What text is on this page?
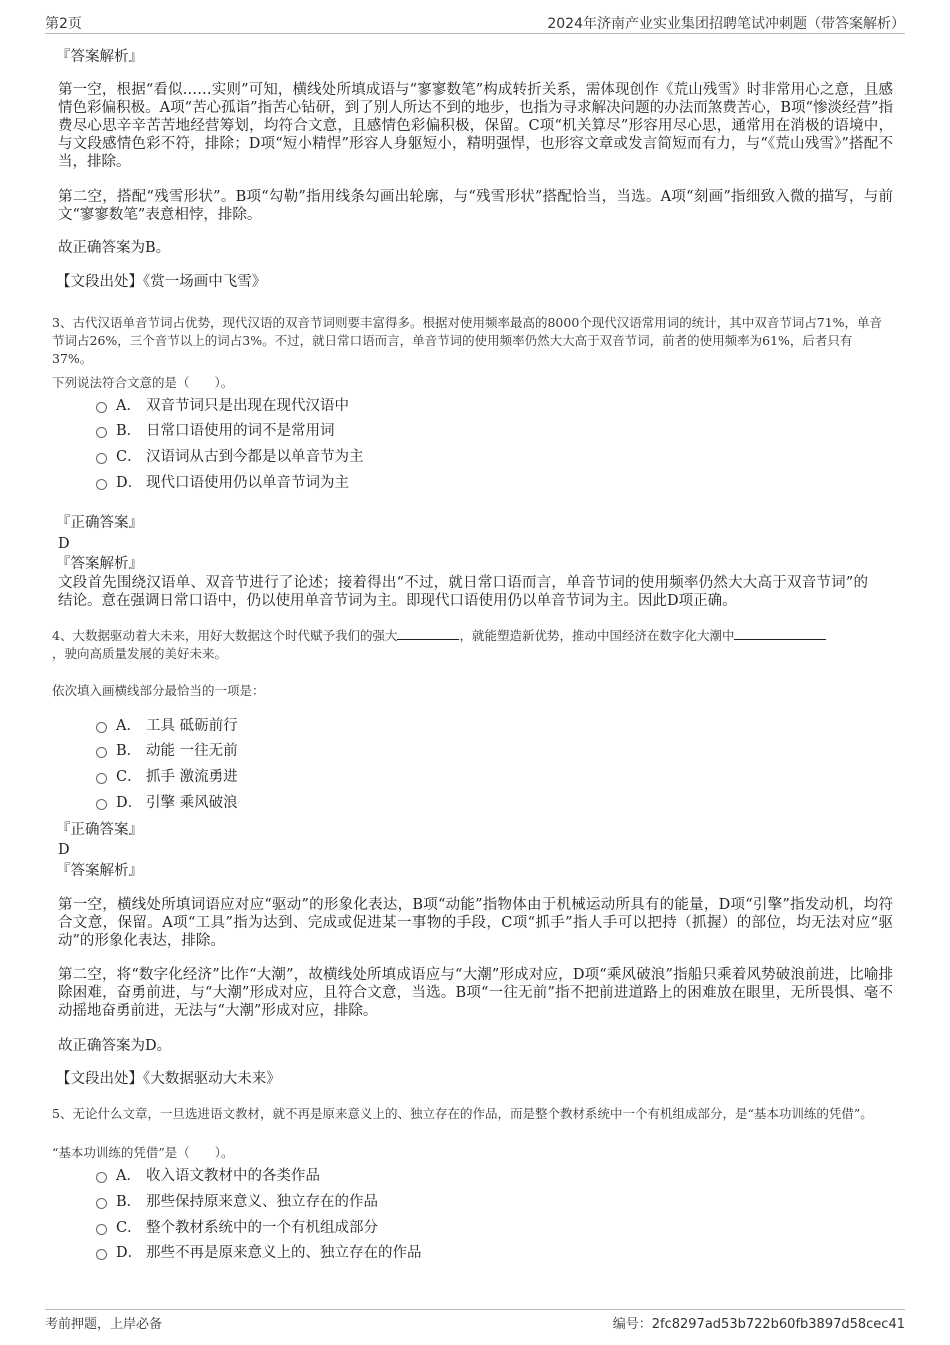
第2页	2024年济南产业实业集团招聘笔试冲刺题（带答案解析）
『答案解析』
第一空，根据“看似……实则”可知，横线处所填成语与“寥寥数笔”构成转折关系，需体现创作《荒山残雪》时非常用心之意，且感情色彩偏积极。A项“苦心孤诣”指苦心钻研，到了别人所达不到的地步，也指为寻求解决问题的办法而煞费苦心，B项“惨淡经营”指费尽心思辛辛苦苦地经营筹划，均符合文意，且感情色彩偏积极，保留。C项“机关算尽”形容用尽心思，通常用在消极的语境中，与文段感情色彩不符，排除；D项“短小精悍”形容人身躯短小，精明强悍，也形容文章或发言简短而有力，与“《荒山残雪》”搭配不当，排除。
第二空，搭配“残雪形状”。B项“勾勒”指用线条勾画出轮廓，与“残雪形状”搭配恰当，当选。A项“刻画”指细致入微的描写，与前文“寥寥数笔”表意相悖，排除。
故正确答案为B。
【文段出处】《赏一场画中飞雪》
3、古代汉语单音节词占优势，现代汉语的双音节词则要丰富得多。根据对使用频率最高的8000个现代汉语常用词的统计，其中双音节词占71%，单音节词占26%，三个音节以上的词占3%。不过，就日常口语而言，单音节词的使用频率仍然大大高于双音节词，前者的使用频率为61%，后者只有37%。
下列说法符合文意的是（　　）。
A． 双音节词只是出现在现代汉语中
B． 日常口语使用的词不是常用词
C． 汉语词从古到今都是以单音节为主
D． 现代口语使用仍以单音节词为主
『正确答案』
D
『答案解析』
文段首先围绕汉语单、双音节进行了论述；接着得出“不过，就日常口语而言，单音节词的使用频率仍然大大高于双音节词”的结论。意在强调日常口语中，仍以使用单音节词为主。即现代口语使用仍以单音节词为主。因此D项正确。
4、大数据驱动着大未来，用好大数据这个时代赋予我们的强大	，就能塑造新优势，推动中国经济在数字化大潮中
，驶向高质量发展的美好未来。
依次填入画横线部分最恰当的一项是：
A． 工具 砥砺前行
B． 动能 一往无前
C． 抓手 激流勇进
D． 引擎 乘风破浪
『正确答案』
D
『答案解析』
第一空，横线处所填词语应对应“驱动”的形象化表达，B项“动能”指物体由于机械运动所具有的能量，D项“引擎”指发动机，均符合文意，保留。A项“工具”指为达到、完成或促进某一事物的手段，C项“抓手”指人手可以把持（抓握）的部位，均无法对应“驱动”的形象化表达，排除。
第二空，将“数字化经济”比作“大潮”，故横线处所填成语应与“大潮”形成对应，D项“乘风破浪”指船只乘着风势破浪前进，比喻排除困难，奋勇前进，与“大潮”形成对应，且符合文意，当选。B项“一往无前”指不把前进道路上的困难放在眼里，无所畏惧、毫不动摇地奋勇前进，无法与“大潮”形成对应，排除。
故正确答案为D。
【文段出处】《大数据驱动大未来》
5、无论什么文章，一旦选进语文教材，就不再是原来意义上的、独立存在的作品，而是整个教材系统中一个有机组成部分，是“基本功训练的凭借”。
“基本功训练的凭借”是（　　）。
A． 收入语文教材中的各类作品
B． 那些保持原来意义、独立存在的作品
C． 整个教材系统中的一个有机组成部分
D． 那些不再是原来意义上的、独立存在的作品
考前押题，上岸必备	编号：2fc8297ad53b722b60fb3897d58cec41
